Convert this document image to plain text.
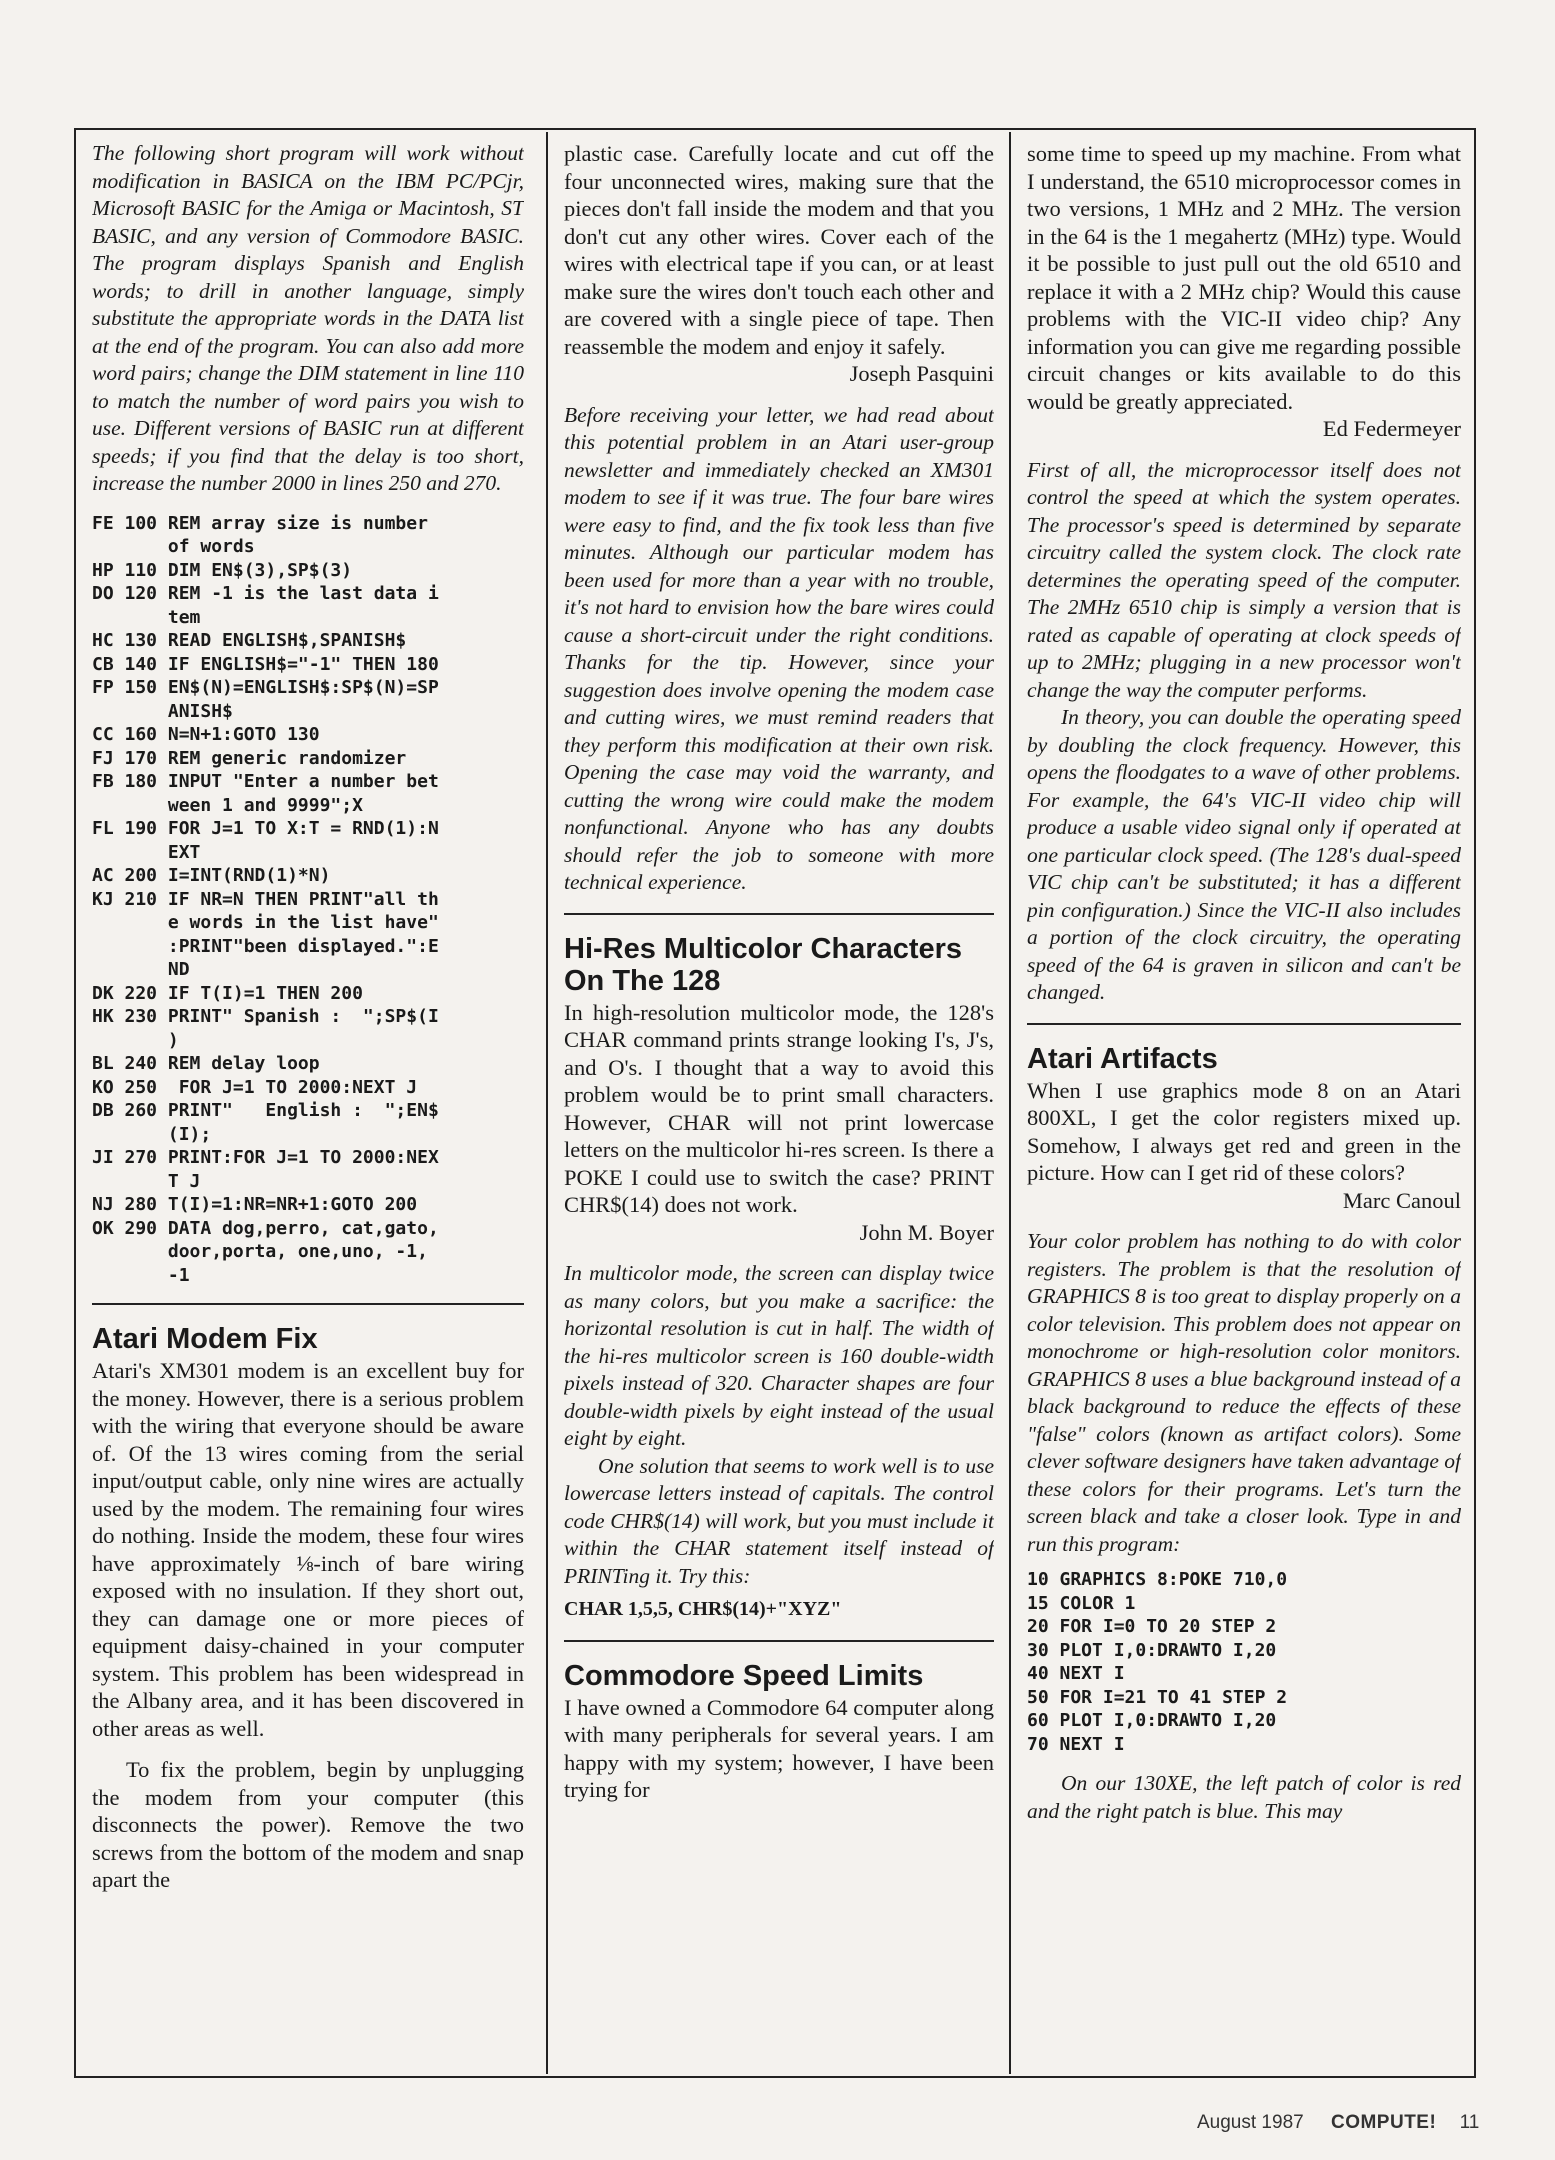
The following short program will work without modification in BASICA on the IBM PC/PCjr, Microsoft BASIC for the Amiga or Macintosh, ST BASIC, and any version of Commodore BASIC. The program displays Spanish and English words; to drill in another language, simply substitute the appropriate words in the DATA list at the end of the program. You can also add more word pairs; change the DIM statement in line 110 to match the number of word pairs you wish to use. Different versions of BASIC run at different speeds; if you find that the delay is too short, increase the number 2000 in lines 250 and 270.

FE 100 REM array size is number
of words
HP 110 DIM EN$(3),SP$(3)
DO 120 REM -1 is the last data i
tem
HC 130 READ ENGLISH$,SPANISH$
CB 140 IF ENGLISH$="-1" THEN 180
FP 150 EN$(N)=ENGLISH$:SP$(N)=SP
ANISH$
CC 160 N=N+1:GOTO 130
FJ 170 REM generic randomizer
FB 180 INPUT "Enter a number bet
ween 1 and 9999";X
FL 190 FOR J=1 TO X:T = RND(1):N
EXT
AC 200 I=INT(RND(1)*N)
KJ 210 IF NR=N THEN PRINT"all th
e words in the list have"
:PRINT"been displayed.":E
ND
DK 220 IF T(I)=1 THEN 200
HK 230 PRINT" Spanish :  ";SP$(I
)
BL 240 REM delay loop
KO 250  FOR J=1 TO 2000:NEXT J
DB 260 PRINT"   English :  ";EN$
(I);
JI 270 PRINT:FOR J=1 TO 2000:NEX
T J
NJ 280 T(I)=1:NR=NR+1:GOTO 200
OK 290 DATA dog,perro, cat,gato,
door,porta, one,uno, -1,
-1

Atari Modem Fix

Atari's XM301 modem is an excellent buy for the money. However, there is a serious problem with the wiring that everyone should be aware of. Of the 13 wires coming from the serial input/output cable, only nine wires are actually used by the modem. The remaining four wires do nothing. Inside the modem, these four wires have approximately ⅛-inch of bare wiring exposed with no insulation. If they short out, they can damage one or more pieces of equipment daisy-chained in your computer system. This problem has been widespread in the Albany area, and it has been discovered in other areas as well.

To fix the problem, begin by unplugging the modem from your computer (this disconnects the power). Remove the two screws from the bottom of the modem and snap apart the

plastic case. Carefully locate and cut off the four unconnected wires, making sure that the pieces don't fall inside the modem and that you don't cut any other wires. Cover each of the wires with electrical tape if you can, or at least make sure the wires don't touch each other and are covered with a single piece of tape. Then reassemble the modem and enjoy it safely.

Joseph Pasquini

Before receiving your letter, we had read about this potential problem in an Atari user-group newsletter and immediately checked an XM301 modem to see if it was true. The four bare wires were easy to find, and the fix took less than five minutes. Although our particular modem has been used for more than a year with no trouble, it's not hard to envision how the bare wires could cause a short-circuit under the right conditions. Thanks for the tip. However, since your suggestion does involve opening the modem case and cutting wires, we must remind readers that they perform this modification at their own risk. Opening the case may void the warranty, and cutting the wrong wire could make the modem nonfunctional. Anyone who has any doubts should refer the job to someone with more technical experience.

Hi-Res Multicolor Characters On The 128

In high-resolution multicolor mode, the 128's CHAR command prints strange looking I's, J's, and O's. I thought that a way to avoid this problem would be to print small characters. However, CHAR will not print lowercase letters on the multicolor hi-res screen. Is there a POKE I could use to switch the case? PRINT CHR$(14) does not work.

John M. Boyer

In multicolor mode, the screen can display twice as many colors, but you make a sacrifice: the horizontal resolution is cut in half. The width of the hi-res multicolor screen is 160 double-width pixels instead of 320. Character shapes are four double-width pixels by eight instead of the usual eight by eight.

One solution that seems to work well is to use lowercase letters instead of capitals. The control code CHR$(14) will work, but you must include it within the CHAR statement itself instead of PRINTing it. Try this:

CHAR 1,5,5, CHR$(14)+"XYZ"

Commodore Speed Limits

I have owned a Commodore 64 computer along with many peripherals for several years. I am happy with my system; however, I have been trying for

some time to speed up my machine. From what I understand, the 6510 microprocessor comes in two versions, 1 MHz and 2 MHz. The version in the 64 is the 1 megahertz (MHz) type. Would it be possible to just pull out the old 6510 and replace it with a 2 MHz chip? Would this cause problems with the VIC-II video chip? Any information you can give me regarding possible circuit changes or kits available to do this would be greatly appreciated.

Ed Federmeyer

First of all, the microprocessor itself does not control the speed at which the system operates. The processor's speed is determined by separate circuitry called the system clock. The clock rate determines the operating speed of the computer. The 2MHz 6510 chip is simply a version that is rated as capable of operating at clock speeds of up to 2MHz; plugging in a new processor won't change the way the computer performs.

In theory, you can double the operating speed by doubling the clock frequency. However, this opens the floodgates to a wave of other problems. For example, the 64's VIC-II video chip will produce a usable video signal only if operated at one particular clock speed. (The 128's dual-speed VIC chip can't be substituted; it has a different pin configuration.) Since the VIC-II also includes a portion of the clock circuitry, the operating speed of the 64 is graven in silicon and can't be changed.

Atari Artifacts

When I use graphics mode 8 on an Atari 800XL, I get the color registers mixed up. Somehow, I always get red and green in the picture. How can I get rid of these colors?

Marc Canoul

Your color problem has nothing to do with color registers. The problem is that the resolution of GRAPHICS 8 is too great to display properly on a color television. This problem does not appear on monochrome or high-resolution color monitors. GRAPHICS 8 uses a blue background instead of a black background to reduce the effects of these "false" colors (known as artifact colors). Some clever software designers have taken advantage of these colors for their programs. Let's turn the screen black and take a closer look. Type in and run this program:

10 GRAPHICS 8:POKE 710,0
15 COLOR 1
20 FOR I=0 TO 20 STEP 2
30 PLOT I,0:DRAWTO I,20
40 NEXT I
50 FOR I=21 TO 41 STEP 2
60 PLOT I,0:DRAWTO I,20
70 NEXT I

On our 130XE, the left patch of color is red and the right patch is blue. This may

August 1987 COMPUTE! 11
